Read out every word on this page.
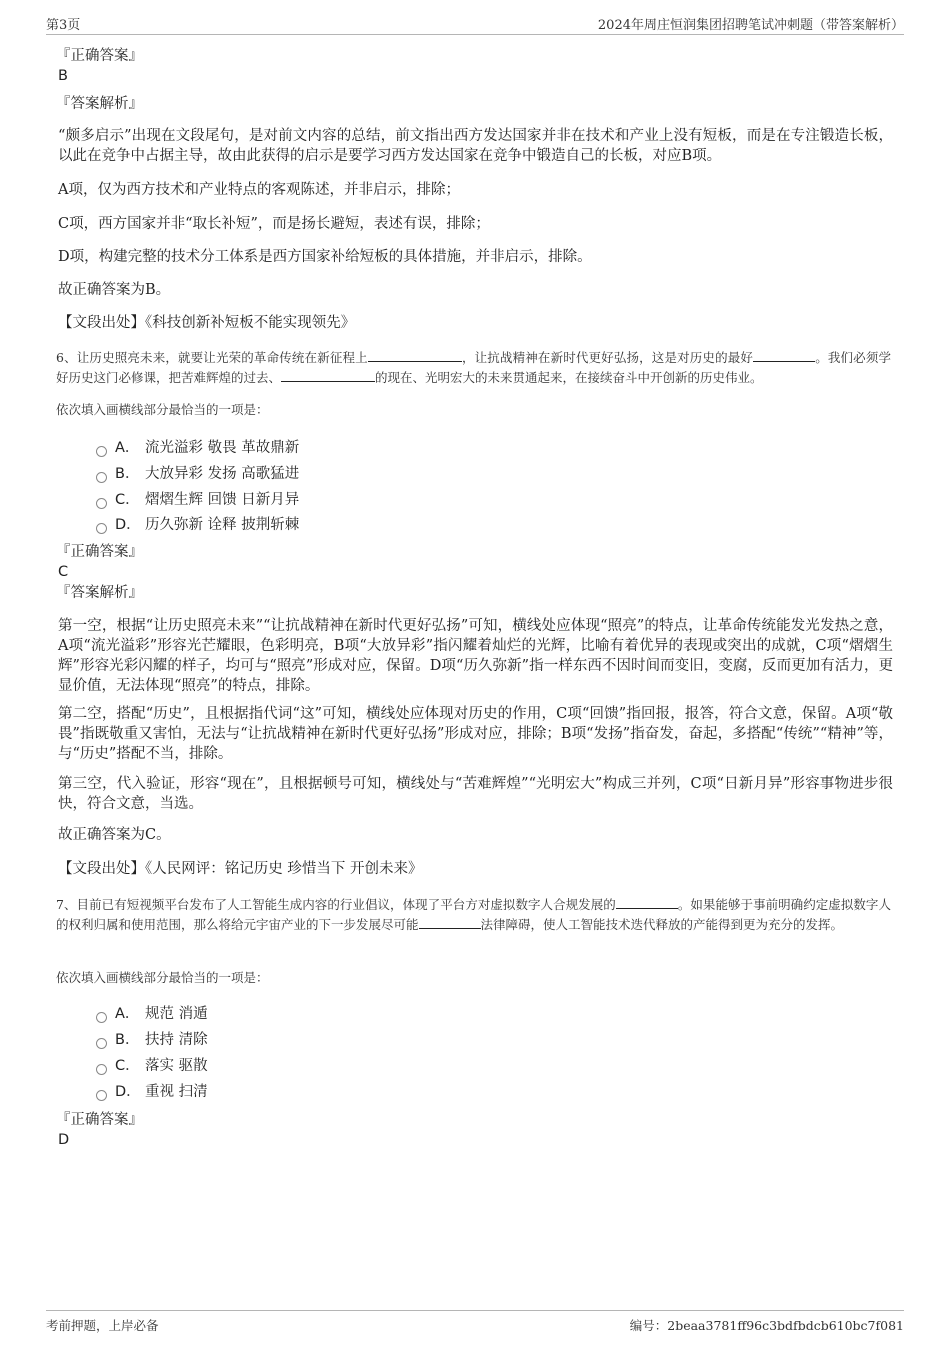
第3页	2024年周庄恒润集团招聘笔试冲刺题（带答案解析）
『正确答案』
B
『答案解析』
“颇多启示”出现在文段尾句，是对前文内容的总结，前文指出西方发达国家并非在技术和产业上没有短板，而是在专注锻造长板，以此在竞争中占据主导，故由此获得的启示是要学习西方发达国家在竞争中锻造自己的长板，对应B项。
A项，仅为西方技术和产业特点的客观陈述，并非启示，排除；
C项，西方国家并非“取长补短”，而是扬长避短，表述有误，排除；
D项，构建完整的技术分工体系是西方国家补给短板的具体措施，并非启示，排除。
故正确答案为B。
【文段出处】《科技创新补短板不能实现领先》
6、让历史照亮未来，就要让光荣的革命传统在新征程上	，让抗战精神在新时代更好弘扬，这是对历史的最好	。我们必须学好历史这门必修课，把苦难辉煌的过去、	的现在、光明宏大的未来贯通起来，在接续奋斗中开创新的历史伟业。
依次填入画横线部分最恰当的一项是：
A． 流光溢彩 敬畏 革故鼎新
B． 大放异彩 发扬 高歌猛进
C． 熠熠生辉 回馈 日新月异
D． 历久弥新 诠释 披荆斩棘
『正确答案』
C
『答案解析』
第一空，根据“让历史照亮未来”“让抗战精神在新时代更好弘扬”可知，横线处应体现“照亮”的特点，让革命传统能发光发热之意，A项“流光溢彩”形容光芒耀眼，色彩明亮，B项“大放异彩”指闪耀着灿烂的光辉，比喻有着优异的表现或突出的成就，C项“熠熠生辉”形容光彩闪耀的样子，均可与“照亮”形成对应，保留。D项“历久弥新”指一样东西不因时间而变旧，变腐，反而更加有活力，更显价值，无法体现“照亮”的特点，排除。
第二空，搭配“历史”，且根据指代词“这”可知，横线处应体现对历史的作用，C项“回馈”指回报，报答，符合文意，保留。A项“敬畏”指既敬重又害怕，无法与“让抗战精神在新时代更好弘扬”形成对应，排除；B项“发扬”指奋发，奋起，多搭配“传统”“精神”等，与“历史”搭配不当，排除。
第三空，代入验证，形容“现在”，且根据顿号可知，横线处与“苦难辉煌”“光明宏大”构成三并列，C项“日新月异”形容事物进步很快，符合文意，当选。
故正确答案为C。
【文段出处】《人民网评：铭记历史 珍惜当下 开创未来》
7、目前已有短视频平台发布了人工智能生成内容的行业倡议，体现了平台方对虚拟数字人合规发展的	。如果能够于事前明确约定虚拟数字人的权利归属和使用范围，那么将给元宇宙产业的下一步发展尽可能	法律障碍，使人工智能技术迭代释放的产能得到更为充分的发挥。
依次填入画横线部分最恰当的一项是：
A． 规范 消遁
B． 扶持 清除
C． 落实 驱散
D． 重视 扫清
『正确答案』
D
考前押题，上岸必备	编号：2beaa3781ff96c3bdfbdcb610bc7f081
